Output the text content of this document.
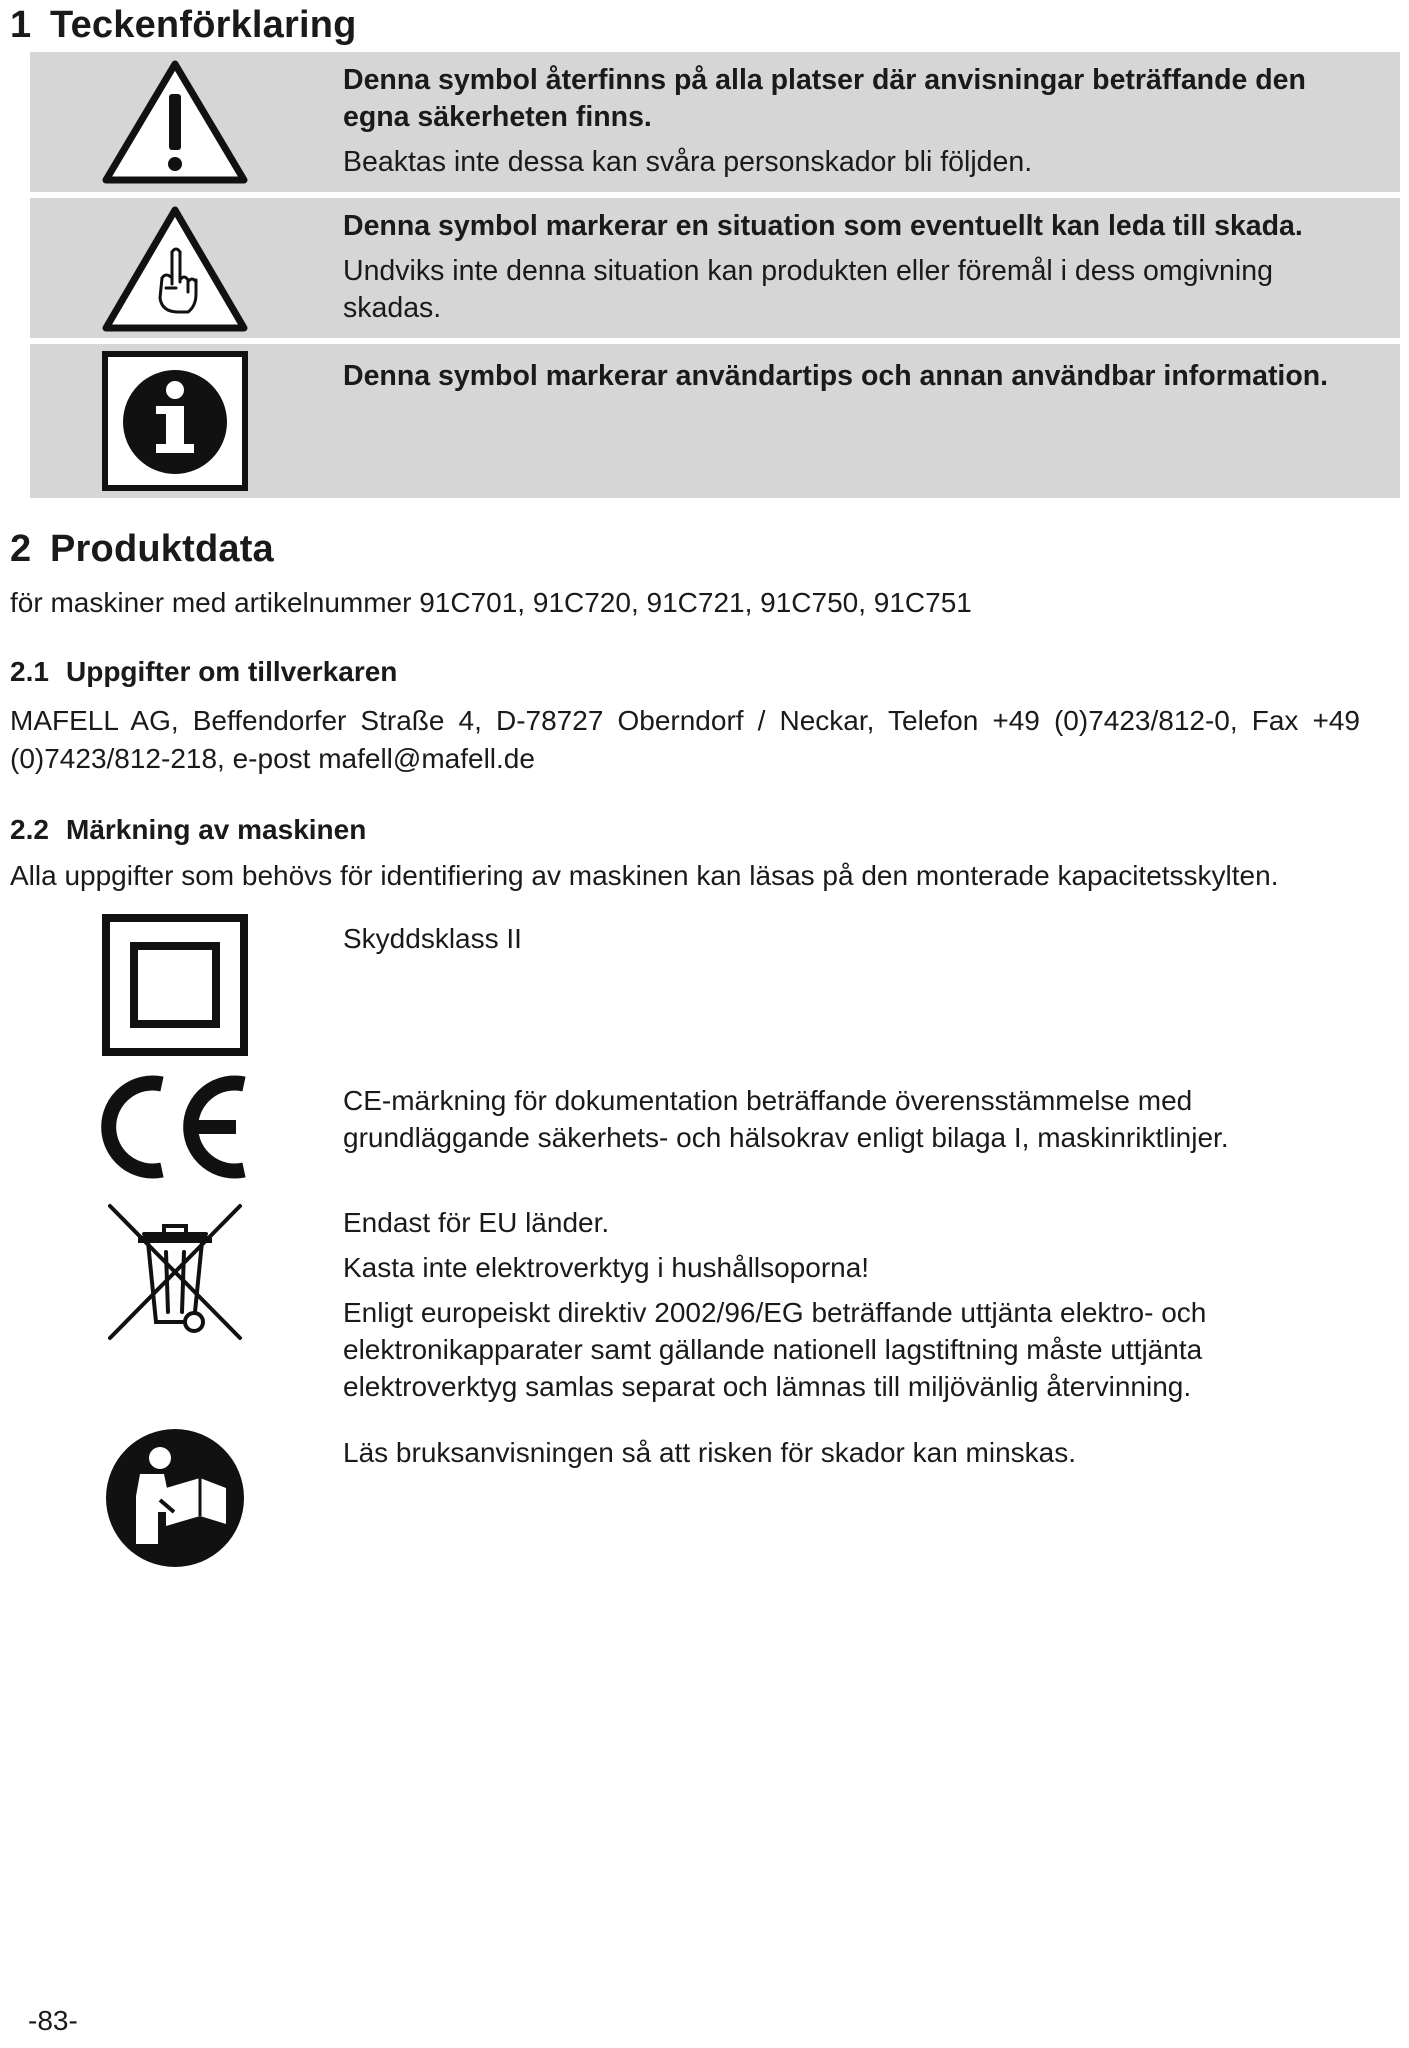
1 Teckenförklaring
Denna symbol återfinns på alla platser där anvisningar beträffande den egna säkerheten finns.
Beaktas inte dessa kan svåra personskador bli följden.
Denna symbol markerar en situation som eventuellt kan leda till skada.
Undviks inte denna situation kan produkten eller föremål i dess omgivning skadas.
Denna symbol markerar användartips och annan användbar information.
2 Produktdata
för maskiner med artikelnummer 91C701, 91C720, 91C721, 91C750, 91C751
2.1 Uppgifter om tillverkaren
MAFELL AG, Beffendorfer Straße 4, D-78727 Oberndorf / Neckar, Telefon +49 (0)7423/812-0, Fax +49 (0)7423/812-218, e-post mafell@mafell.de
2.2 Märkning av maskinen
Alla uppgifter som behövs för identifiering av maskinen kan läsas på den monterade kapacitetsskylten.
Skyddsklass II
CE-märkning för dokumentation beträffande överensstämmelse med grundläggande säkerhets- och hälsokrav enligt bilaga I, maskinriktlinjer.
Endast för EU länder.
Kasta inte elektroverktyg i hushållsoporna!
Enligt europeiskt direktiv 2002/96/EG beträffande uttjänta elektro- och elektronikapparater samt gällande nationell lagstiftning måste uttjänta elektroverktyg samlas separat och lämnas till miljövänlig återvinning.
Läs bruksanvisningen så att risken för skador kan minskas.
-83-
